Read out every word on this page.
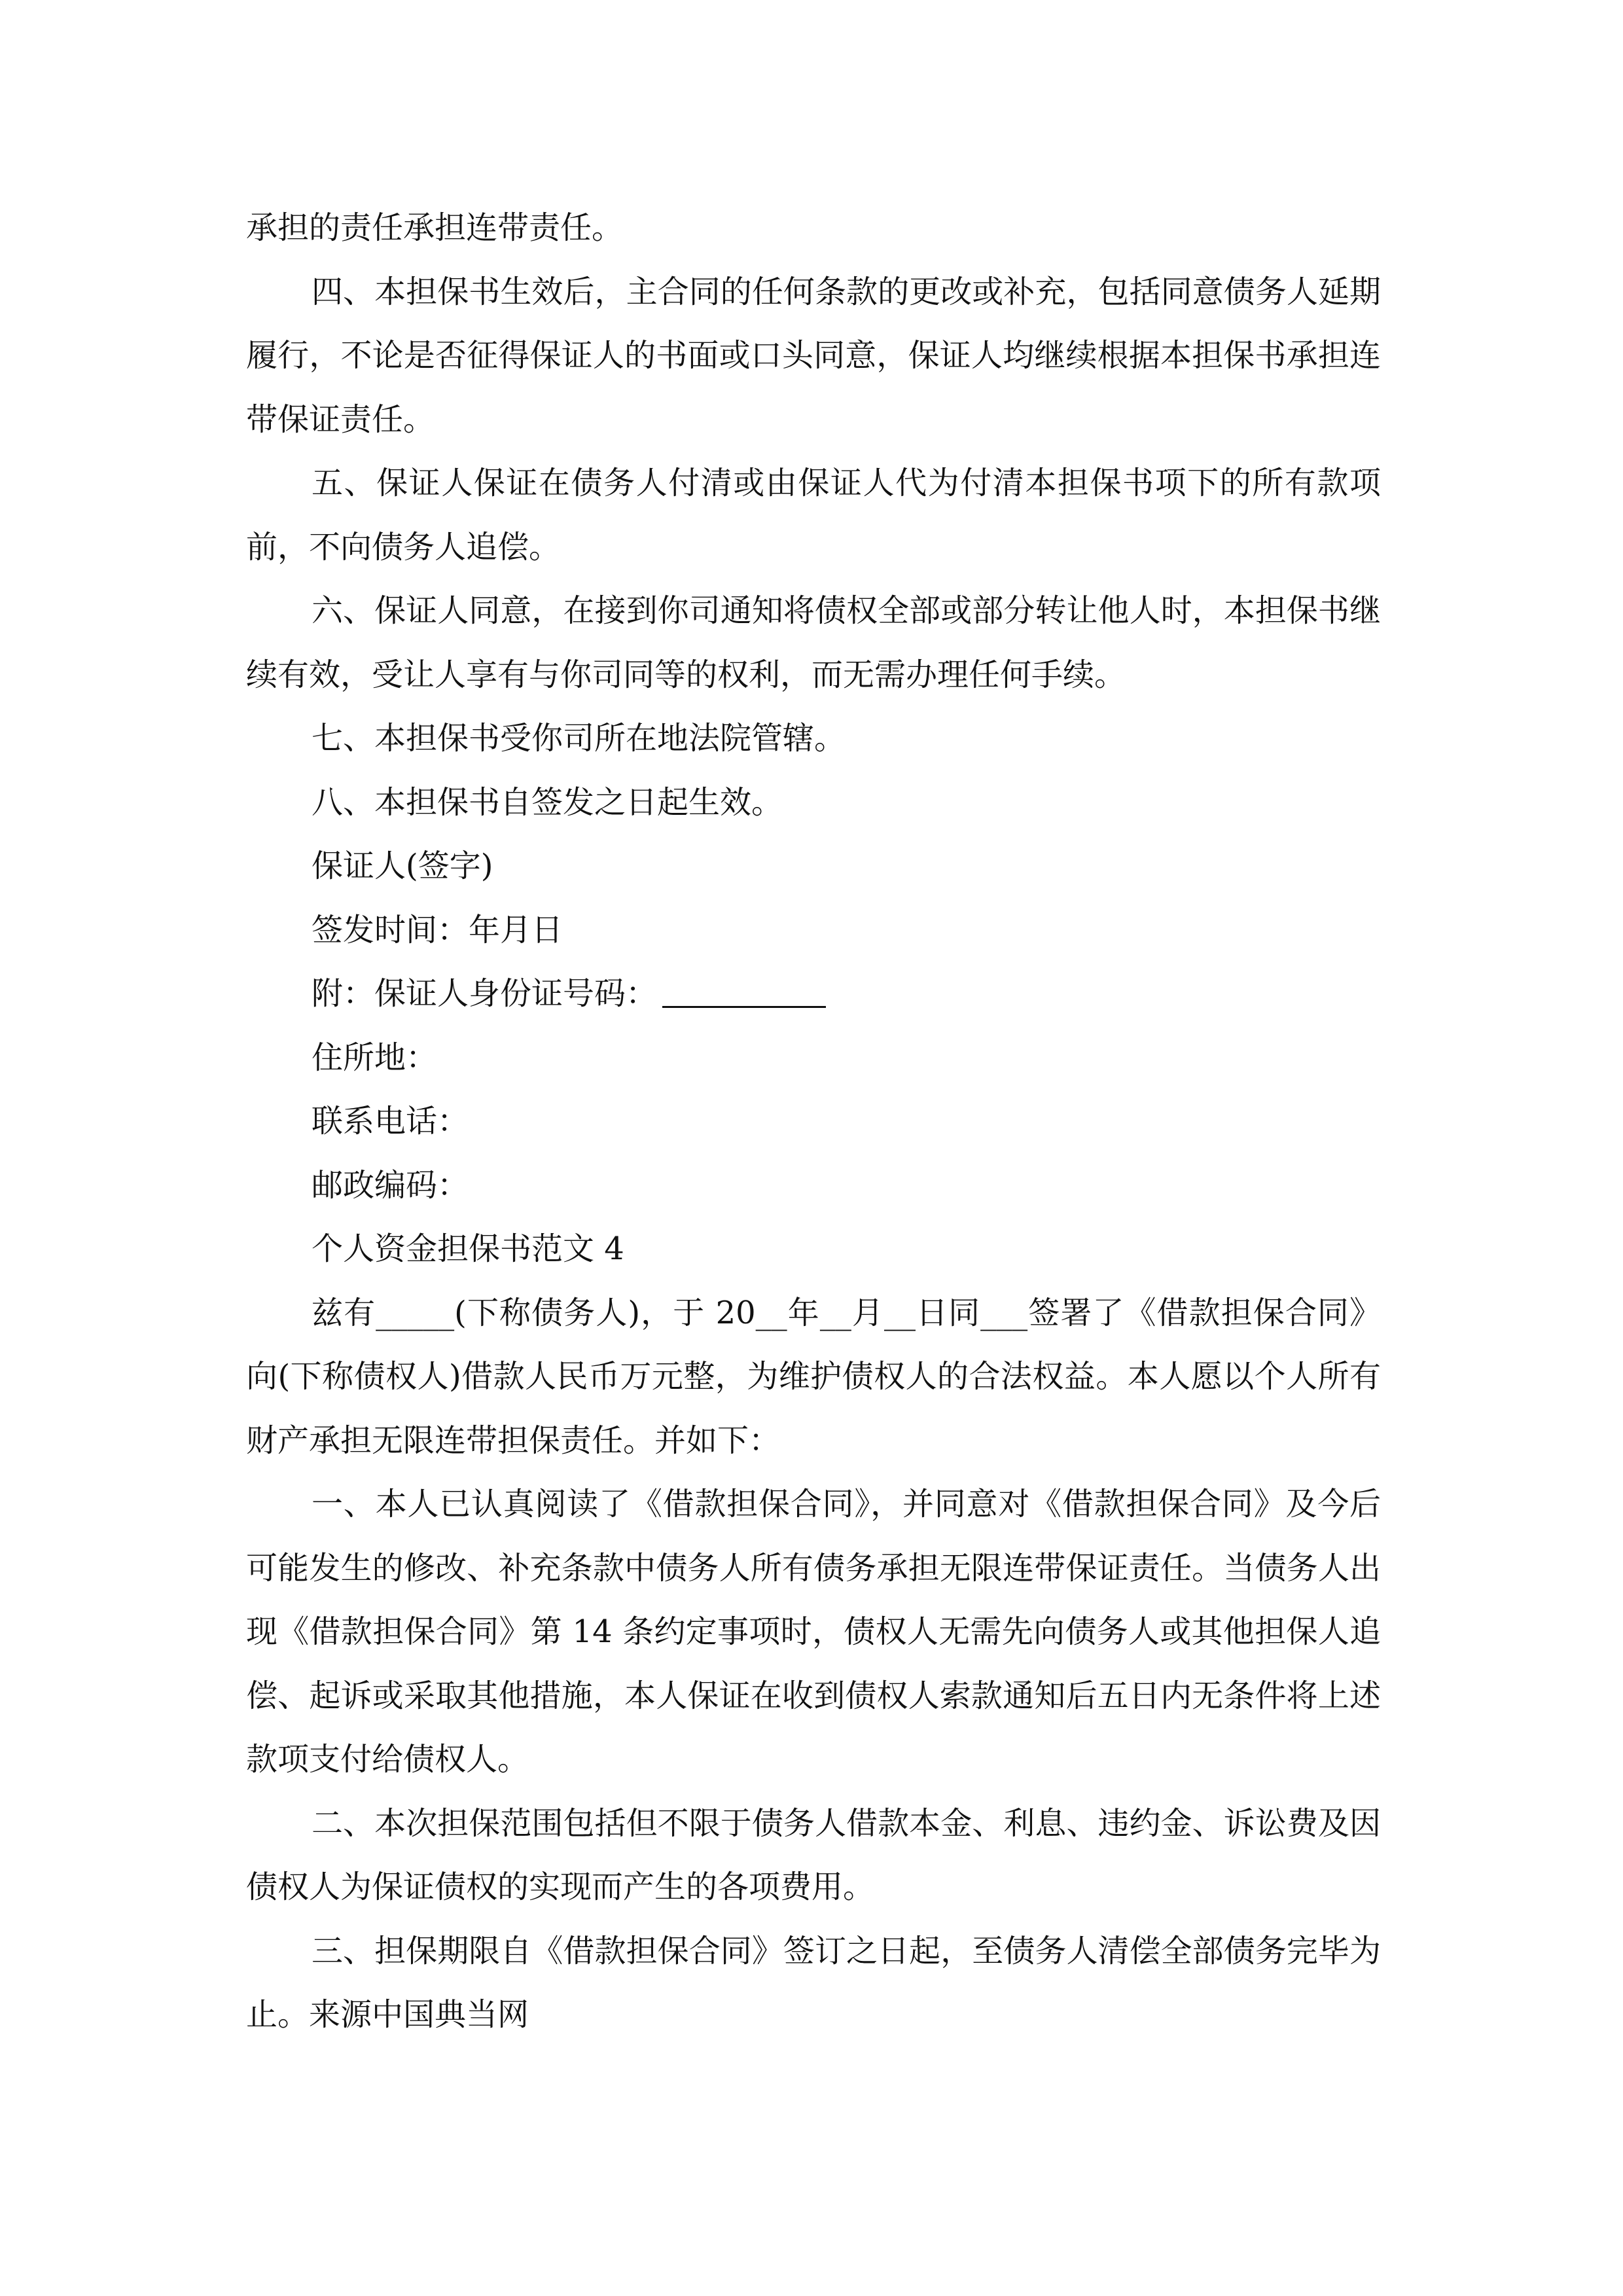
承担的责任承担连带责任。

四、本担保书生效后，主合同的任何条款的更改或补充，包括同意债务人延期履行，不论是否征得保证人的书面或口头同意，保证人均继续根据本担保书承担连带保证责任。

五、保证人保证在债务人付清或由保证人代为付清本担保书项下的所有款项前，不向债务人追偿。

六、保证人同意，在接到你司通知将债权全部或部分转让他人时，本担保书继续有效，受让人享有与你司同等的权利，而无需办理任何手续。

七、本担保书受你司所在地法院管辖。

八、本担保书自签发之日起生效。

保证人(签字)

签发时间：年月日

附：保证人身份证号码：

住所地：

联系电话：

邮政编码：

个人资金担保书范文 4

兹有_____(下称债务人)，于 20__年__月__日同___签署了《借款担保合同》向(下称债权人)借款人民币万元整，为维护债权人的合法权益。本人愿以个人所有财产承担无限连带担保责任。并如下：

一、本人已认真阅读了《借款担保合同》，并同意对《借款担保合同》及今后可能发生的修改、补充条款中债务人所有债务承担无限连带保证责任。当债务人出现《借款担保合同》第 14 条约定事项时，债权人无需先向债务人或其他担保人追偿、起诉或采取其他措施，本人保证在收到债权人索款通知后五日内无条件将上述款项支付给债权人。

二、本次担保范围包括但不限于债务人借款本金、利息、违约金、诉讼费及因债权人为保证债权的实现而产生的各项费用。

三、担保期限自《借款担保合同》签订之日起，至债务人清偿全部债务完毕为止。来源中国典当网
